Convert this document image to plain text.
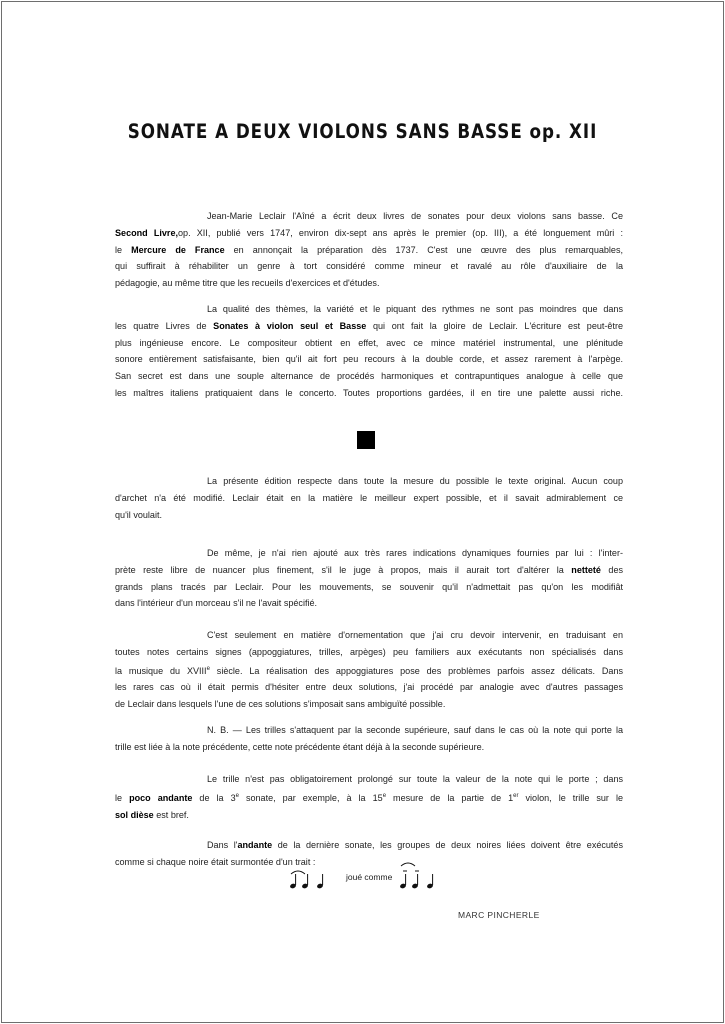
SONATE A DEUX VIOLONS SANS BASSE op. XII
Jean-Marie Leclair l'Aîné a écrit deux livres de sonates pour deux violons sans basse. Ce
Second Livre,op. XII, publié vers 1747, environ dix-sept ans après le premier (op. III), a été longuement mûri :
le Mercure de France en annonçait la préparation dès 1737. C'est une œuvre des plus remarquables,
qui suffirait à réhabiliter un genre à tort considéré comme mineur et ravalé au rôle d'auxiliaire de la
pédagogie, au même titre que les recueils d'exercices et d'études.
La qualité des thèmes, la variété et le piquant des rythmes ne sont pas moindres que dans
les quatre Livres de Sonates à violon seul et Basse qui ont fait la gloire de Leclair. L'écriture est peut-être
plus ingénieuse encore. Le compositeur obtient en effet, avec ce mince matériel instrumental, une plénitude
sonore entièrement satisfaisante, bien qu'il ait fort peu recours à la double corde, et assez rarement à l'arpège.
San secret est dans une souple alternance de procédés harmoniques et contrapuntiques analogue à celle que
les maîtres italiens pratiquaient dans le concerto. Toutes proportions gardées, il en tire une palette aussi riche.
La présente édition respecte dans toute la mesure du possible le texte original. Aucun coup
d'archet n'a été modifié. Leclair était en la matière le meilleur expert possible, et il savait admirablement ce
qu'il voulait.
De même, je n'ai rien ajouté aux très rares indications dynamiques fournies par lui : l'inter-
prète reste libre de nuancer plus finement, s'il le juge à propos, mais il aurait tort d'altérer la netteté des
grands plans tracés par Leclair. Pour les mouvements, se souvenir qu'il n'admettait pas qu'on les modifiât
dans l'intérieur d'un morceau s'il ne l'avait spécifié.
C'est seulement en matière d'ornementation que j'ai cru devoir intervenir, en traduisant en
toutes notes certains signes (appoggiatures, trilles, arpèges) peu familiers aux exécutants non spécialisés dans
la musique du XVIIIe siècle. La réalisation des appoggiatures pose des problèmes parfois assez délicats. Dans
les rares cas où il était permis d'hésiter entre deux solutions, j'ai procédé par analogie avec d'autres passages
de Leclair dans lesquels l'une de ces solutions s'imposait sans ambiguïté possible.
N. B. — Les trilles s'attaquent par la seconde supérieure, sauf dans le cas où la note qui porte la
trille est liée à la note précédente, cette note précédente étant déjà à la seconde supérieure.
Le trille n'est pas obligatoirement prolongé sur toute la valeur de la note qui le porte ; dans
le poco andante de la 3e sonate, par exemple, à la 15e mesure de la partie de 1er violon, le trille sur le
sol dièse est bref.
Dans l'andante de la dernière sonate, les groupes de deux noires liées doivent être exécutés
comme si chaque noire était surmontée d'un trait :
joué comme
MARC PINCHERLE
